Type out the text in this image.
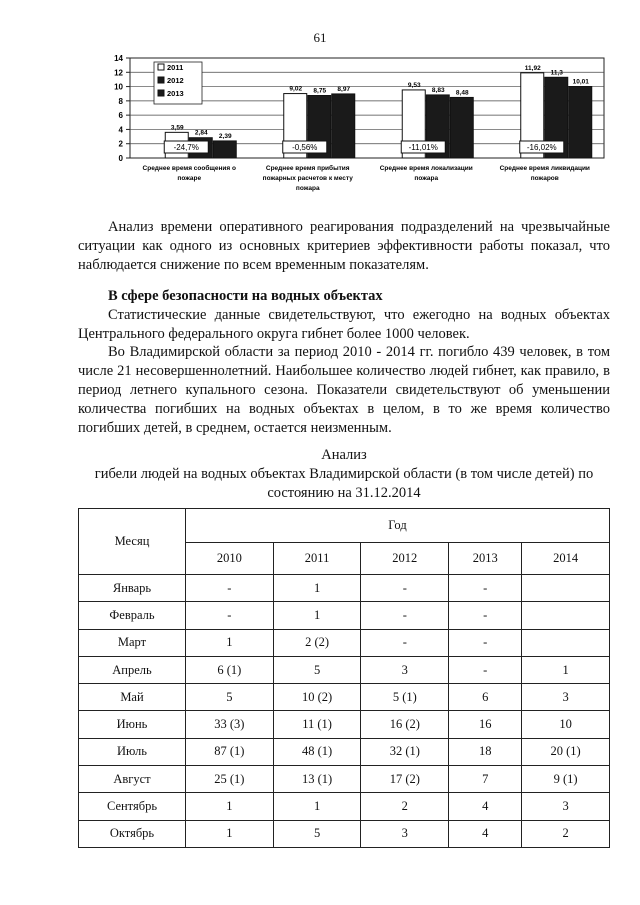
61
0
2
4
6
8
10
12
14
3,59
2,84 2,39
-24,7%
Среднее время сообщения о
пожаре
9,02 8,75 8,97
-0,56%
Среднее время прибытия
пожарных расчетов к месту
пожара
9,53
8,83 8,48
-11,01%
Среднее время локализации
пожара
11,92
11,3
10,01
-16,02%
Среднее время ликвидации
пожаров
2011
2012
2013
Анализ времени оперативного реагирования подразделений на чрезвычайные ситуации как одного из основных критериев эффективности работы показал, что наблюдается снижение по всем временным показателям.
В сфере безопасности на водных объектах
Статистические данные свидетельствуют, что ежегодно на водных объектах Центрального федерального округа гибнет более 1000 человек.
Во Владимирской области за период 2010 - 2014 гг. погибло 439 человек, в том числе 21 несовершеннолетний. Наибольшее количество людей гибнет, как правило, в период летнего купального сезона. Показатели свидетельствуют об уменьшении количества погибших на водных объектах в целом, в то же время количество погибших детей, в среднем, остается неизменным.
Анализ
гибели людей на водных объектах Владимирской области (в том числе детей) по
состоянию на 31.12.2014
Месяц	Год				
	2010	2011	2012	2013	2014
Январь	-	1	-	-	
Февраль	-	1	-	-	
Март	1	2 (2)	-	-	
Апрель	6 (1)	5	3	-	1
Май	5	10 (2)	5 (1)	6	3
Июнь	33 (3)	11 (1)	16 (2)	16	10
Июль	87 (1)	48 (1)	32 (1)	18	20 (1)
Август	25 (1)	13 (1)	17 (2)	7	9 (1)
Сентябрь	1	1	2	4	3
Октябрь	1	5	3	4	2
